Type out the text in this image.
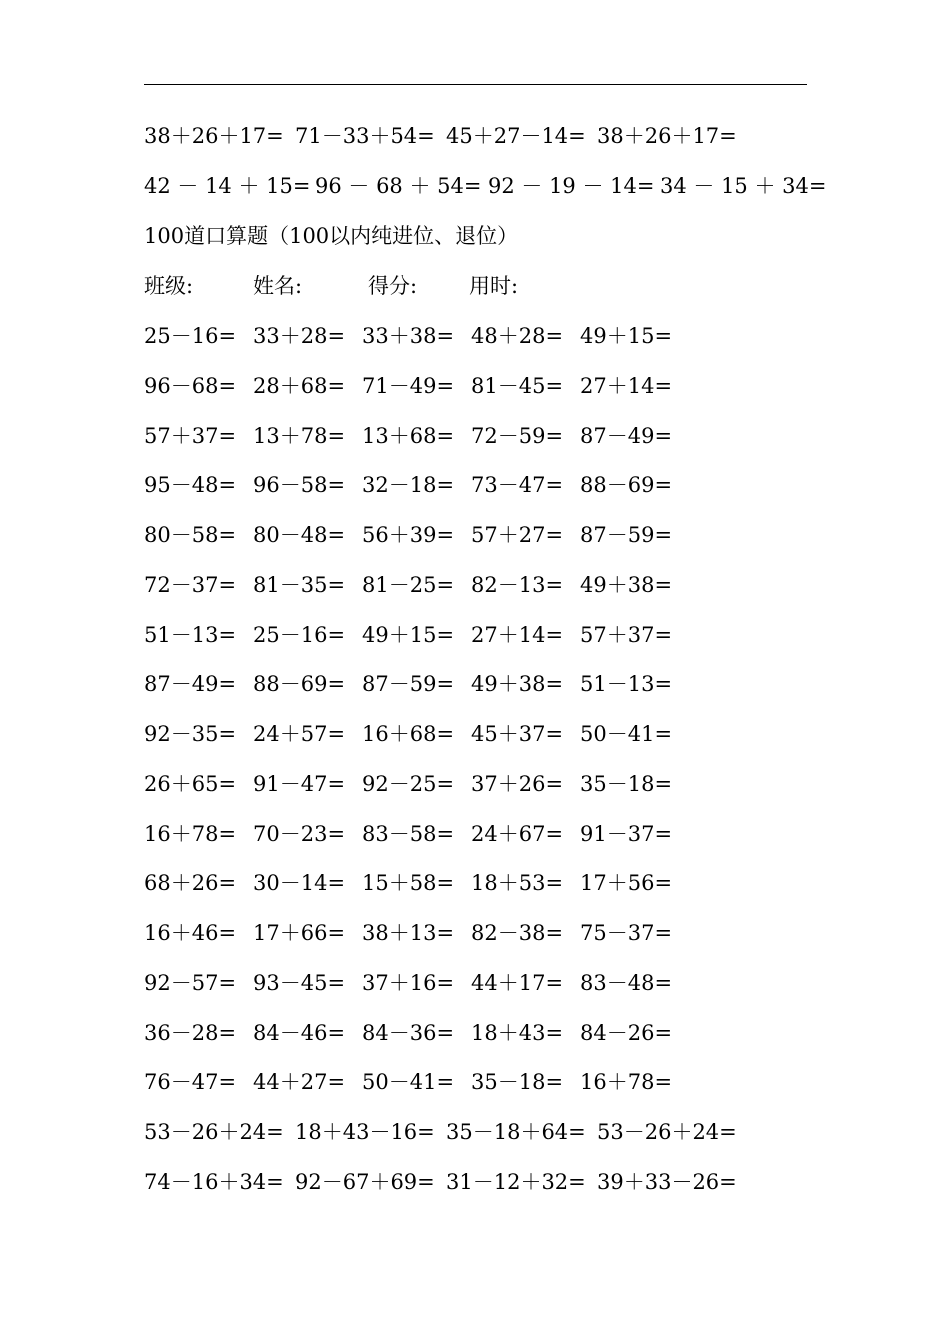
38＋26＋17= 71－33＋54= 45＋27－14= 38＋26＋17=
42 － 14 ＋ 15= 96 － 68 ＋ 54= 92 － 19 － 14= 34 － 15 ＋ 34=
100道口算题（100以内纯进位、退位）
班级:	姓名:	得分: 用时:
25－16= 33＋28= 33＋38= 48＋28= 49＋15=
96－68= 28＋68= 71－49= 81－45= 27＋14=
57＋37= 13＋78= 13＋68= 72－59= 87－49=
95－48= 96－58= 32－18= 73－47= 88－69=
80－58= 80－48= 56＋39= 57＋27= 87－59=
72－37= 81－35= 81－25= 82－13= 49＋38=
51－13= 25－16= 49＋15= 27＋14= 57＋37=
87－49= 88－69= 87－59= 49＋38= 51－13=
92－35= 24＋57= 16＋68= 45＋37= 50－41=
26＋65= 91－47= 92－25= 37＋26= 35－18=
16＋78= 70－23= 83－58= 24＋67= 91－37=
68＋26= 30－14= 15＋58= 18＋53= 17＋56=
16＋46= 17＋66= 38＋13= 82－38= 75－37=
92－57= 93－45= 37＋16= 44＋17= 83－48=
36－28= 84－46= 84－36= 18＋43= 84－26=
76－47= 44＋27= 50－41= 35－18= 16＋78=
53－26＋24= 18＋43－16= 35－18＋64= 53－26＋24=
74－16＋34= 92－67＋69= 31－12＋32= 39＋33－26=
